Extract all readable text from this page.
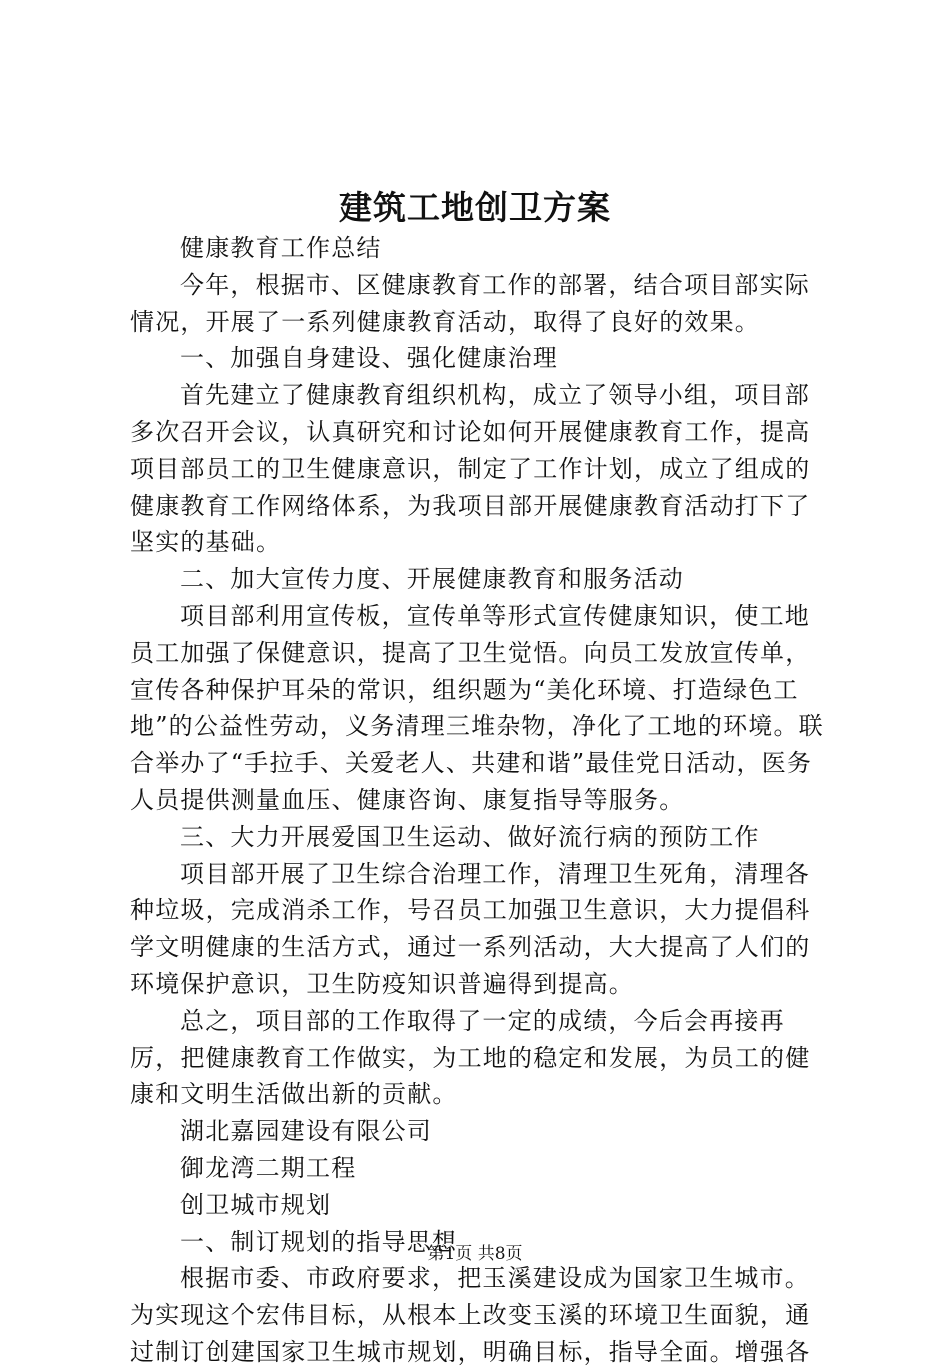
建筑工地创卫方案

健康教育工作总结

今年，根据市、区健康教育工作的部署，结合项目部实际情况，开展了一系列健康教育活动，取得了良好的效果。

一、加强自身建设、强化健康治理

首先建立了健康教育组织机构，成立了领导小组，项目部多次召开会议，认真研究和讨论如何开展健康教育工作，提高项目部员工的卫生健康意识，制定了工作计划，成立了组成的健康教育工作网络体系，为我项目部开展健康教育活动打下了坚实的基础。

二、加大宣传力度、开展健康教育和服务活动

项目部利用宣传板，宣传单等形式宣传健康知识，使工地员工加强了保健意识，提高了卫生觉悟。向员工发放宣传单，宣传各种保护耳朵的常识，组织题为“美化环境、打造绿色工地”的公益性劳动，义务清理三堆杂物，净化了工地的环境。联合举办了“手拉手、关爱老人、共建和谐”最佳党日活动，医务人员提供测量血压、健康咨询、康复指导等服务。

三、大力开展爱国卫生运动、做好流行病的预防工作

项目部开展了卫生综合治理工作，清理卫生死角，清理各种垃圾，完成消杀工作，号召员工加强卫生意识，大力提倡科学文明健康的生活方式，通过一系列活动，大大提高了人们的环境保护意识，卫生防疫知识普遍得到提高。

总之，项目部的工作取得了一定的成绩，今后会再接再厉，把健康教育工作做实，为工地的稳定和发展，为员工的健康和文明生活做出新的贡献。

湖北嘉园建设有限公司

御龙湾二期工程

创卫城市规划

一、制订规划的指导思想

根据市委、市政府要求，把玉溪建设成为国家卫生城市。为实现这个宏伟目标，从根本上改变玉溪的环境卫生面貌，通过制订创建国家卫生城市规划，明确目标，指导全面。增强各

第1页 共8页
